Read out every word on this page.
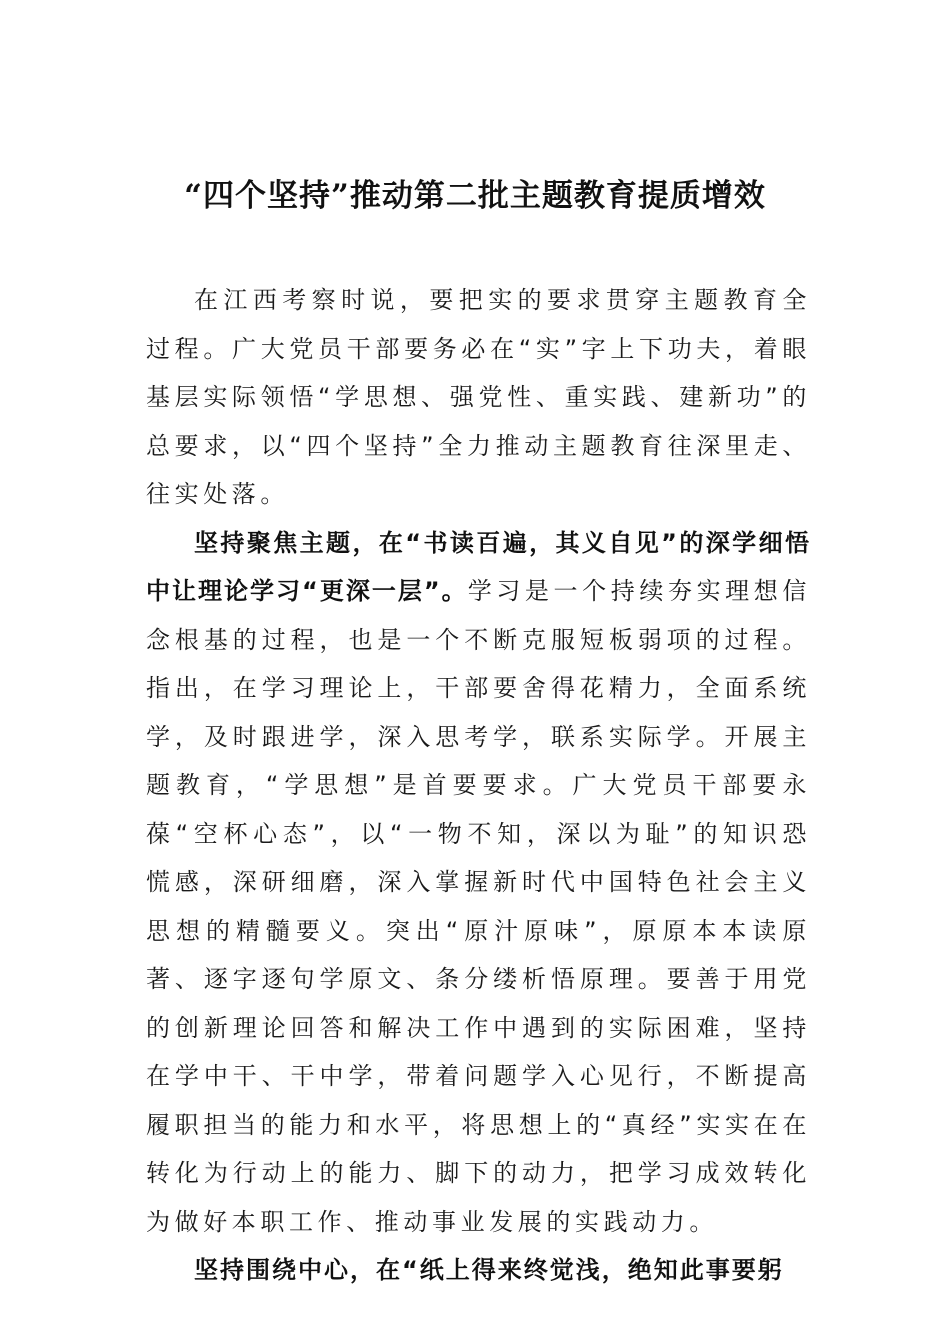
“四个坚持”推动第二批主题教育提质增效

在江西考察时说，要把实的要求贯穿主题教育全过程。广大党员干部要务必在“实”字上下功夫，着眼基层实际领悟“学思想、强党性、重实践、建新功”的总要求，以“四个坚持”全力推动主题教育往深里走、往实处落。

坚持聚焦主题，在“书读百遍，其义自见”的深学细悟中让理论学习“更深一层”。学习是一个持续夯实理想信念根基的过程，也是一个不断克服短板弱项的过程。指出，在学习理论上，干部要舍得花精力，全面系统学，及时跟进学，深入思考学，联系实际学。开展主题教育，“学思想”是首要要求。广大党员干部要永葆“空杯心态”，以“一物不知，深以为耻”的知识恐慌感，深研细磨，深入掌握新时代中国特色社会主义思想的精髓要义。突出“原汁原味”，原原本本读原著、逐字逐句学原文、条分缕析悟原理。要善于用党的创新理论回答和解决工作中遇到的实际困难，坚持在学中干、干中学，带着问题学入心见行，不断提高履职担当的能力和水平，将思想上的“真经”实实在在转化为行动上的能力、脚下的动力，把学习成效转化为做好本职工作、推动事业发展的实践动力。

坚持围绕中心，在“纸上得来终觉浅，绝知此事要躬
